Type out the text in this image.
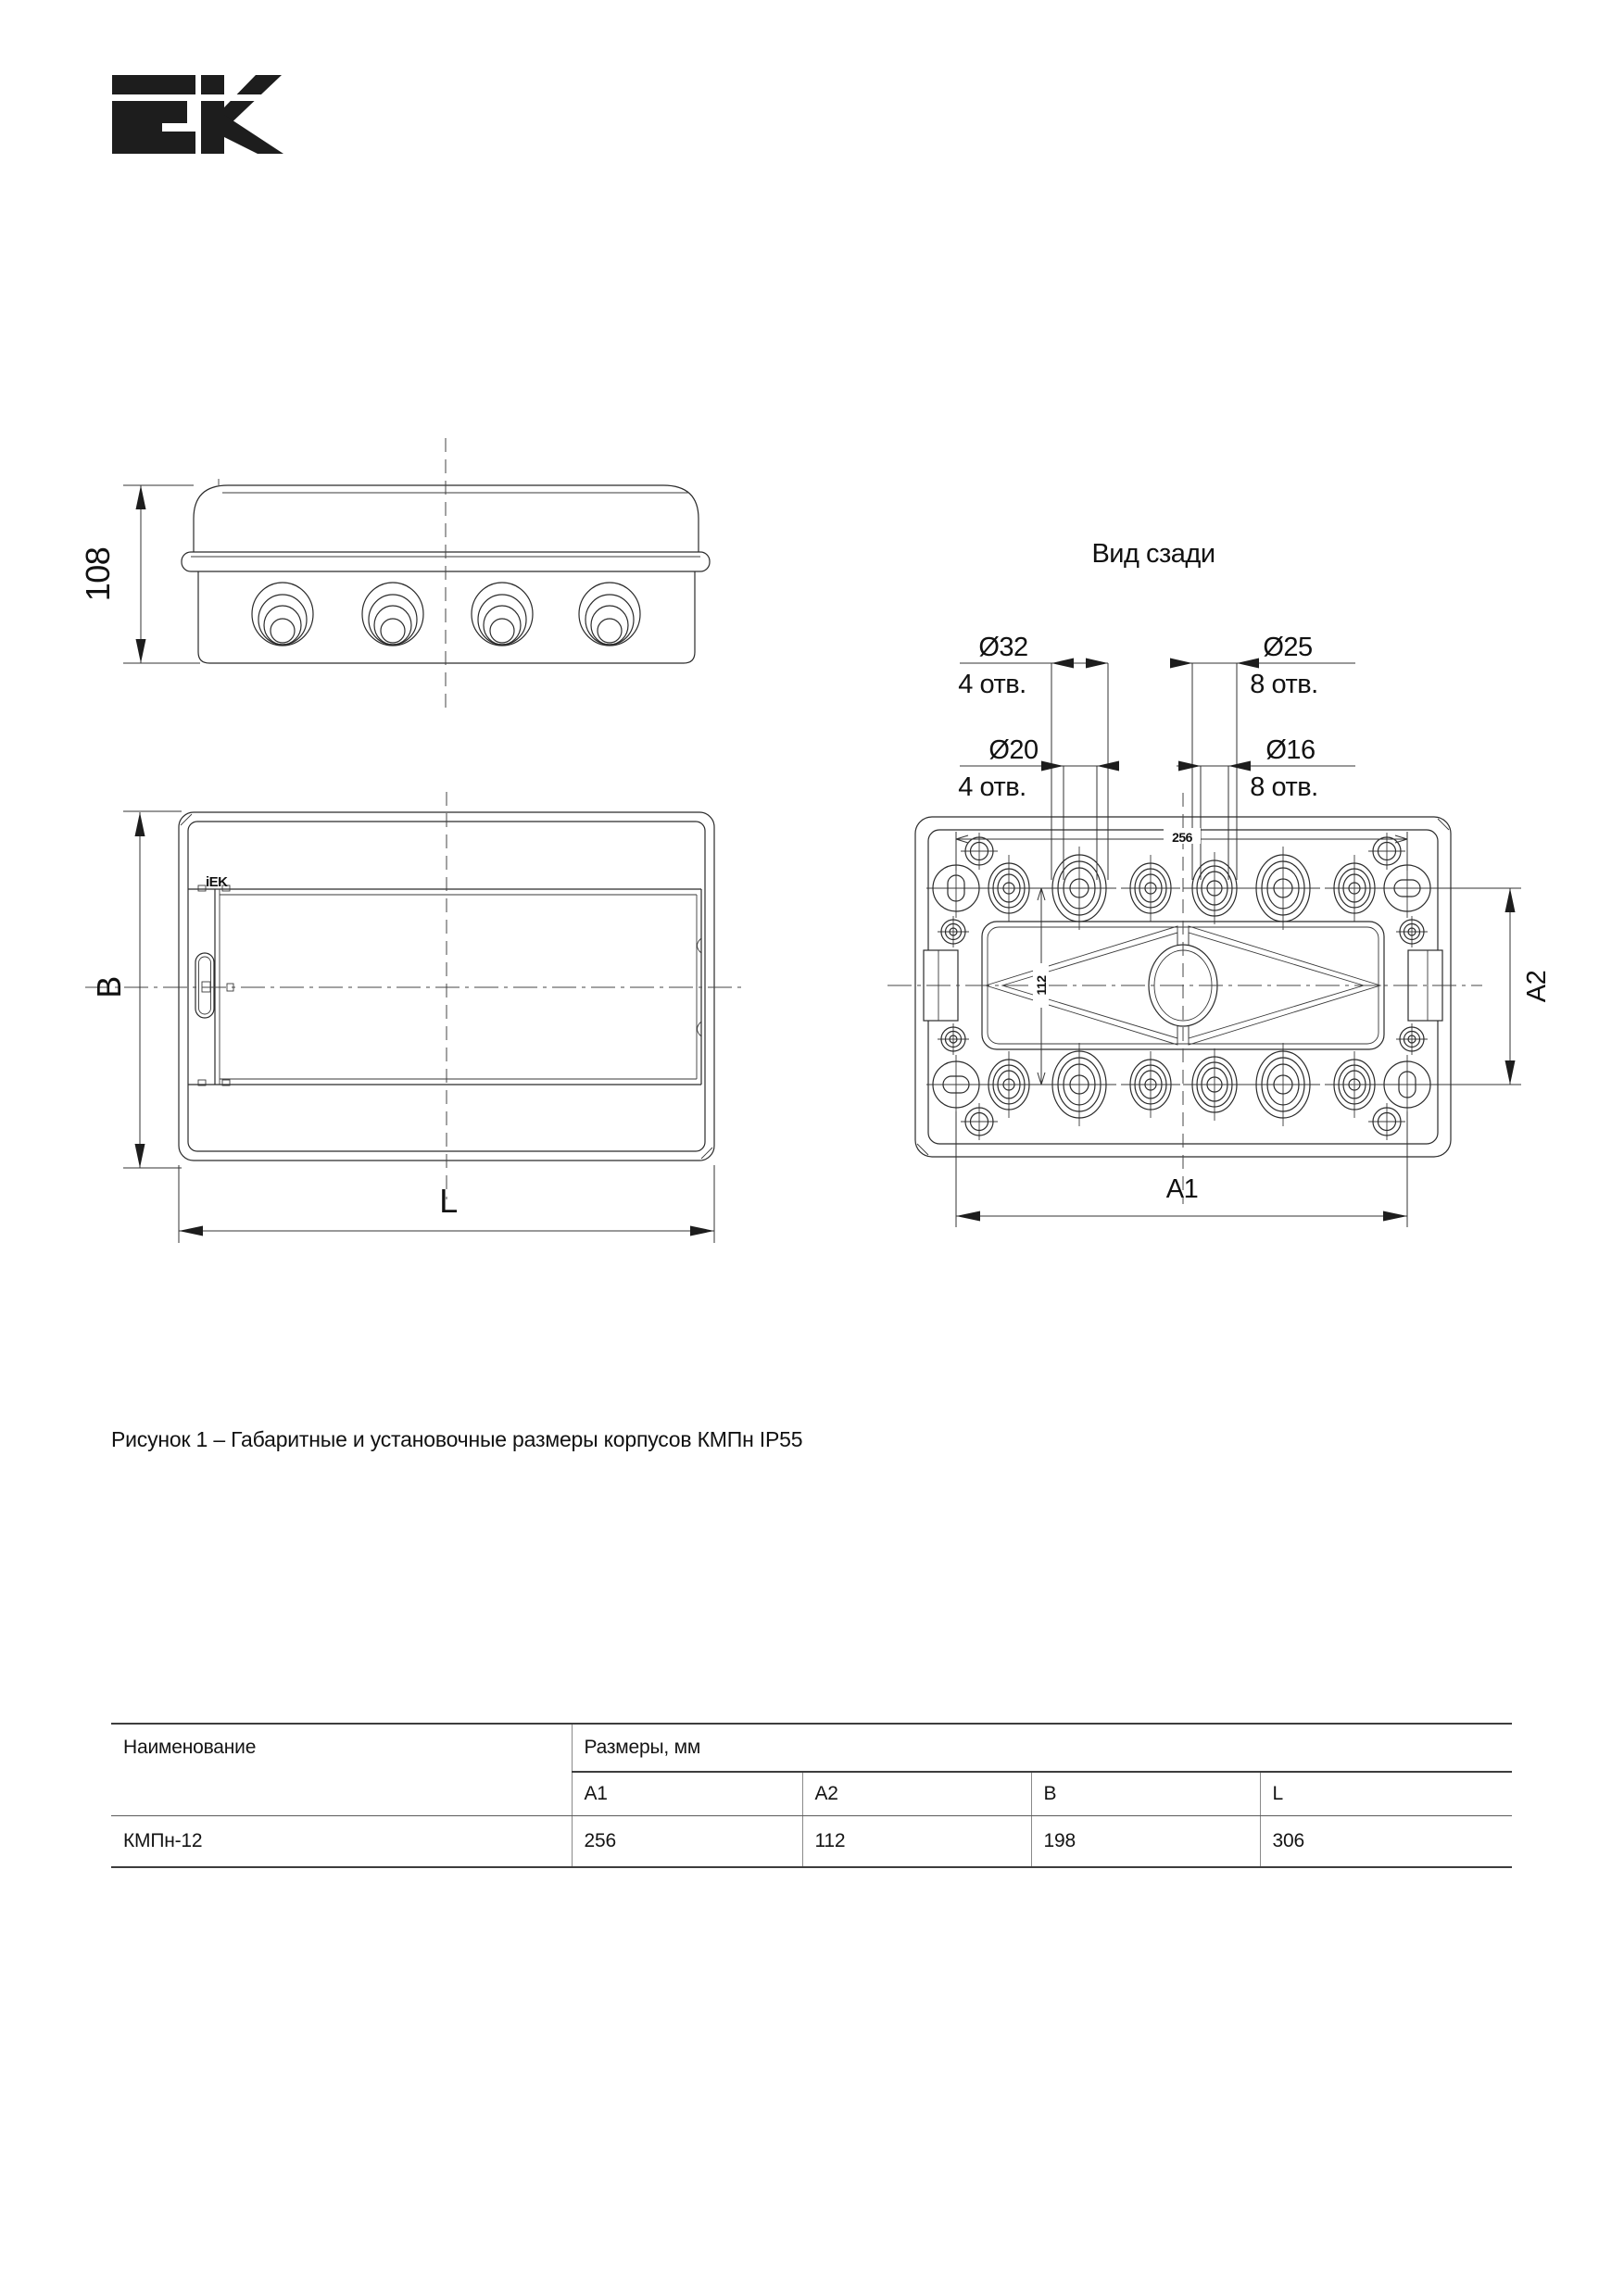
108
iEK
B
L
Вид сзади
Ø32
4 отв.
Ø25
8 отв.
Ø20
4 отв.
Ø16
8 отв.
256
112	A2
A1
Рисунок 1 – Габаритные и установочные размеры корпусов КМПн IP55
Наименование	Размеры, мм			
	A1	A2	B	L
КМПн-12	256	112	198	306
